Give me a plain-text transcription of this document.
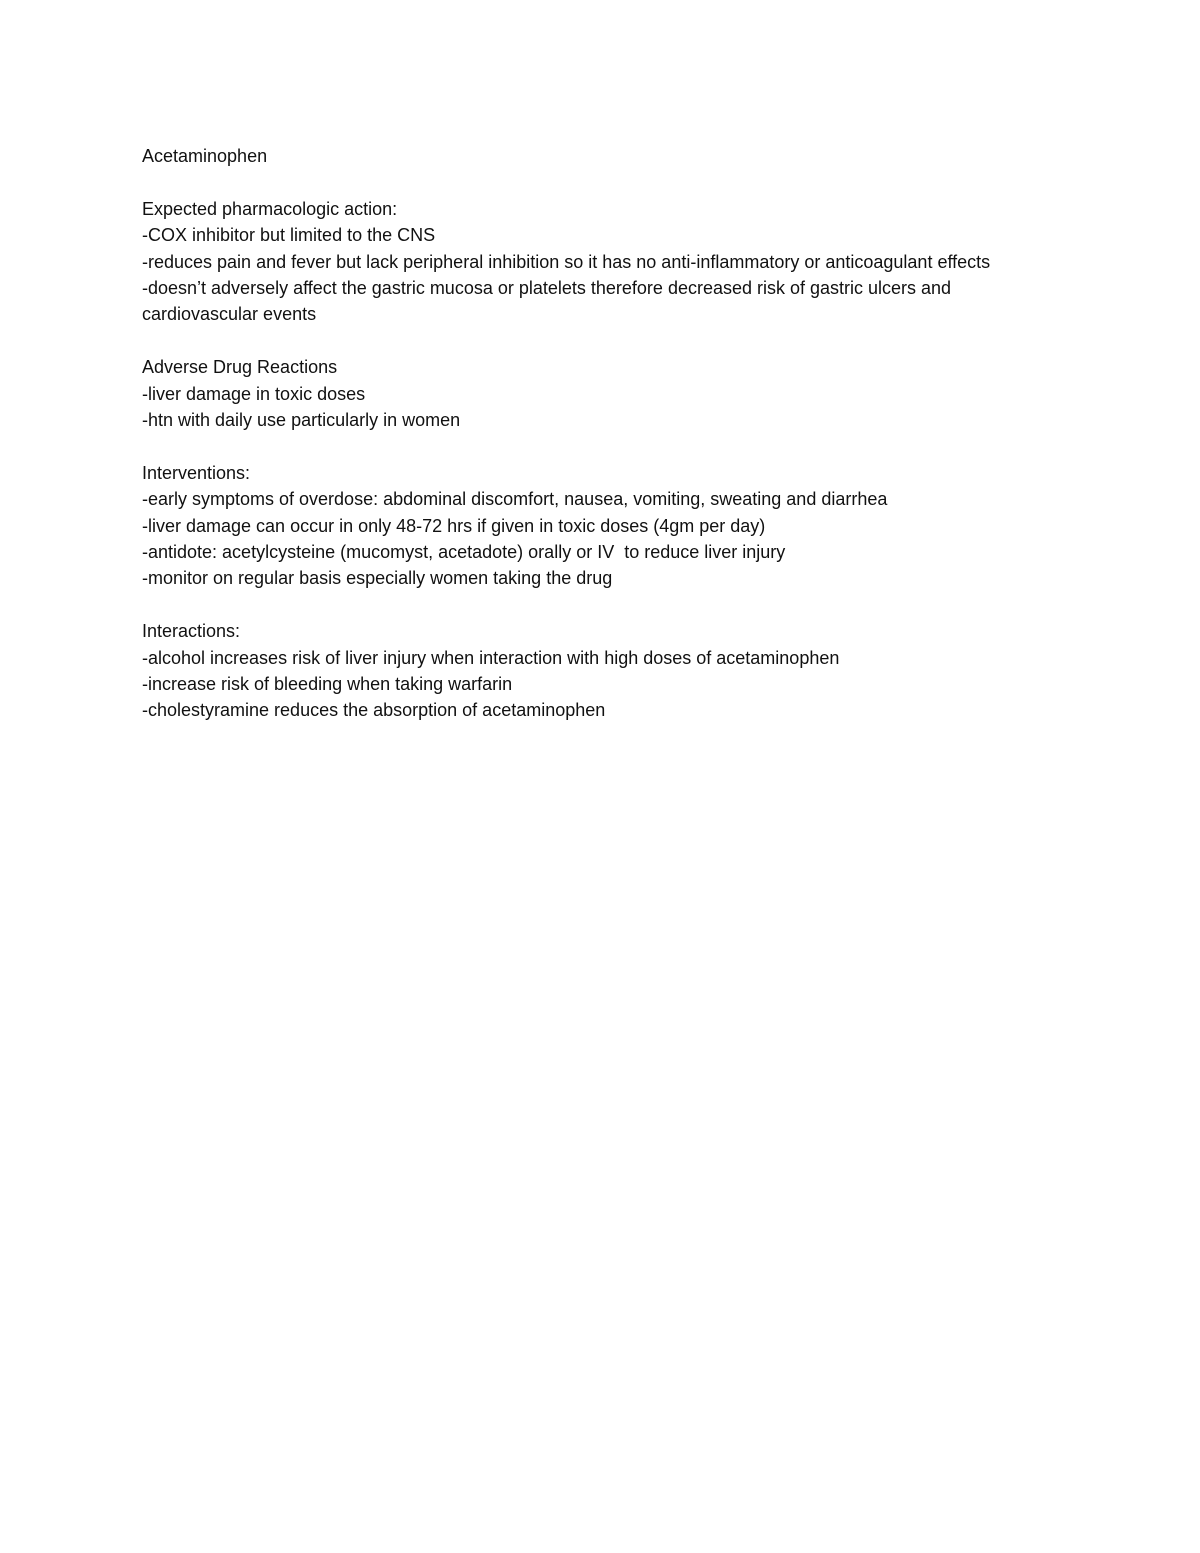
Acetaminophen

Expected pharmacologic action:

-COX inhibitor but limited to the CNS

-reduces pain and fever but lack peripheral inhibition so it has no anti-inflammatory or anticoagulant effects

-doesn’t adversely affect the gastric mucosa or platelets therefore decreased risk of gastric ulcers and cardiovascular events

Adverse Drug Reactions

-liver damage in toxic doses

-htn with daily use particularly in women

Interventions:

-early symptoms of overdose: abdominal discomfort, nausea, vomiting, sweating and diarrhea

-liver damage can occur in only 48-72 hrs if given in toxic doses (4gm per day)

-antidote: acetylcysteine (mucomyst, acetadote) orally or IV  to reduce liver injury

-monitor on regular basis especially women taking the drug

Interactions:

-alcohol increases risk of liver injury when interaction with high doses of acetaminophen

-increase risk of bleeding when taking warfarin

-cholestyramine reduces the absorption of acetaminophen
